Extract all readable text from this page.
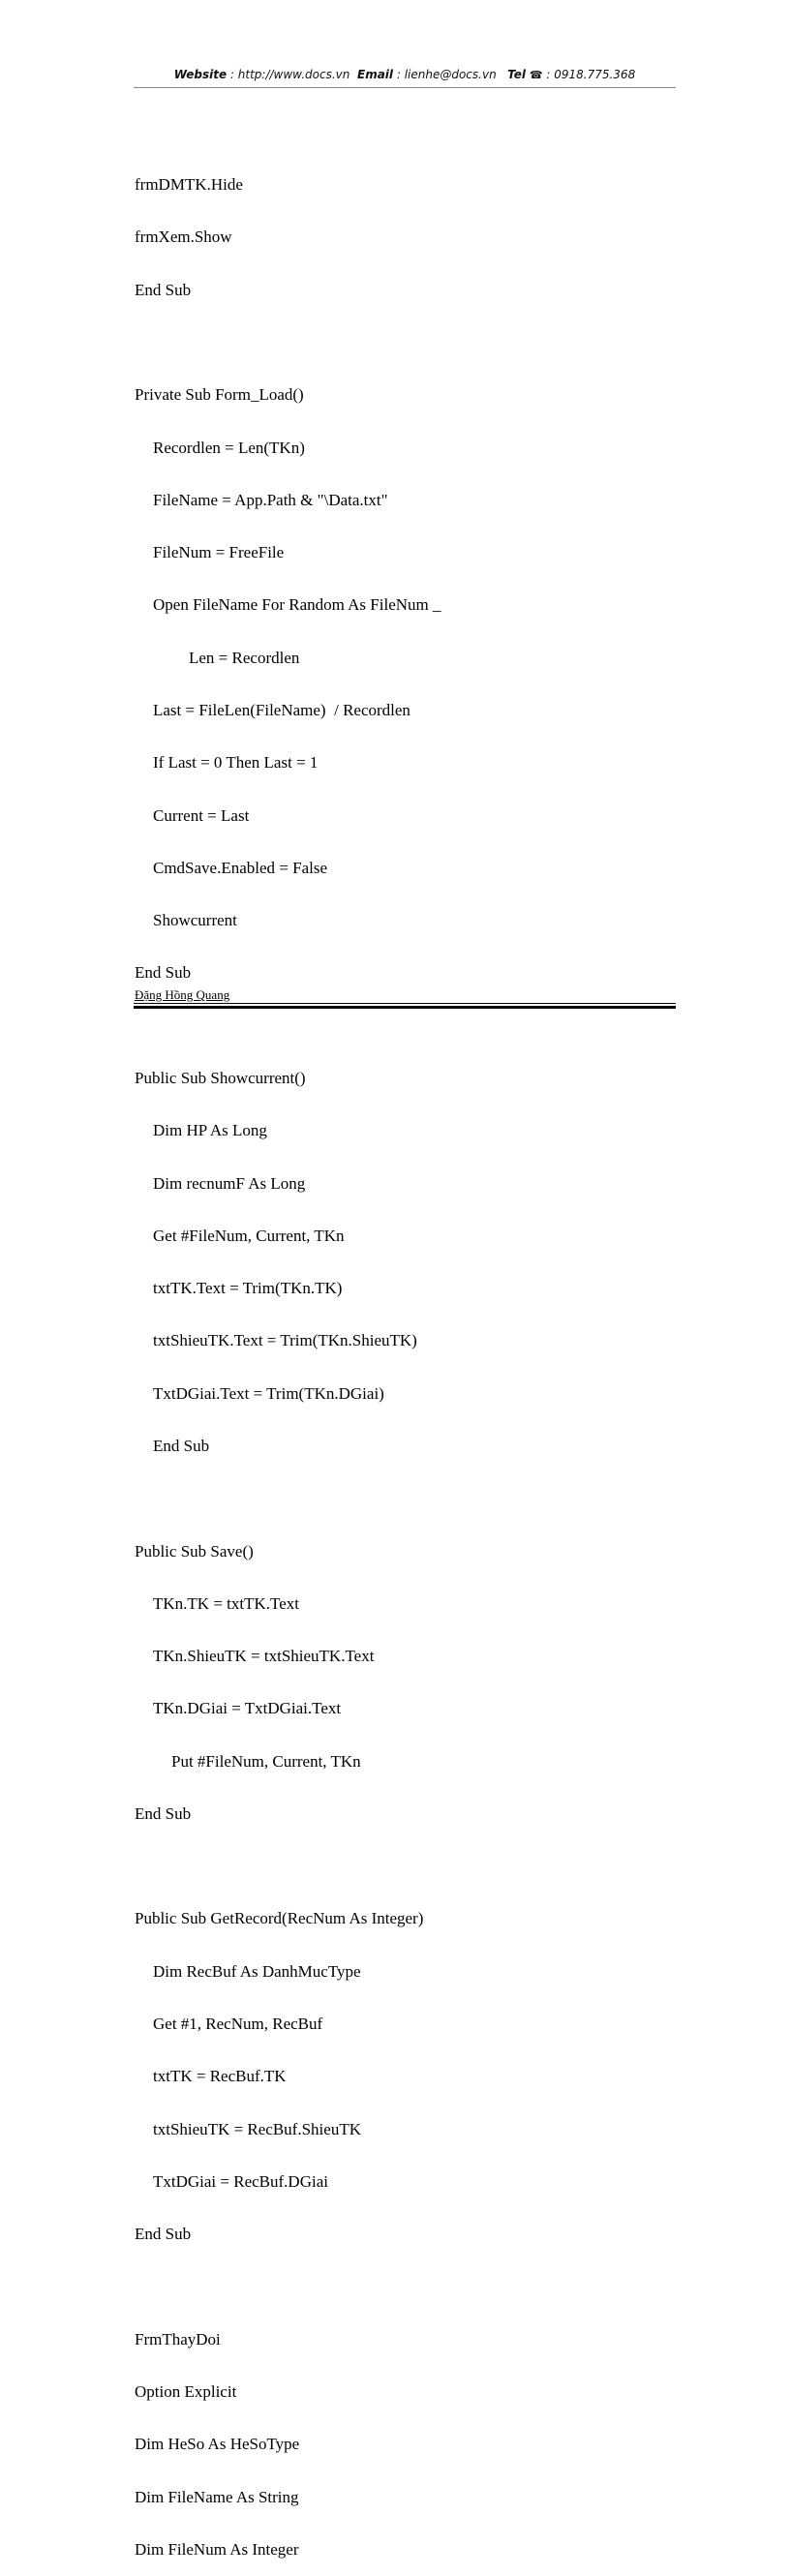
Website : http://www.docs.vn Email : lienhe@docs.vn Tel ☎ : 0918.775.368

frmDMTK.Hide

frmXem.Show

End Sub

Private Sub Form_Load()

Recordlen = Len(TKn)

FileName = App.Path & "\Data.txt"

FileNum = FreeFile

Open FileName For Random As FileNum _

Len = Recordlen

Last = FileLen(FileName)  / Recordlen

If Last = 0 Then Last = 1

Current = Last

CmdSave.Enabled = False

Showcurrent

End Sub

Public Sub Showcurrent()

Dim HP As Long

Dim recnumF As Long

Get #FileNum, Current, TKn

txtTK.Text = Trim(TKn.TK)

txtShieuTK.Text = Trim(TKn.ShieuTK)

TxtDGiai.Text = Trim(TKn.DGiai)

End Sub

Public Sub Save()

TKn.TK = txtTK.Text

TKn.ShieuTK = txtShieuTK.Text

TKn.DGiai = TxtDGiai.Text

Put #FileNum, Current, TKn

End Sub

Public Sub GetRecord(RecNum As Integer)

Dim RecBuf As DanhMucType

Get #1, RecNum, RecBuf

txtTK = RecBuf.TK

txtShieuTK = RecBuf.ShieuTK

TxtDGiai = RecBuf.DGiai

End Sub

FrmThayDoi

Option Explicit

Dim HeSo As HeSoType

Dim FileName As String

Dim FileNum As Integer

Đặng Hồng Quang
